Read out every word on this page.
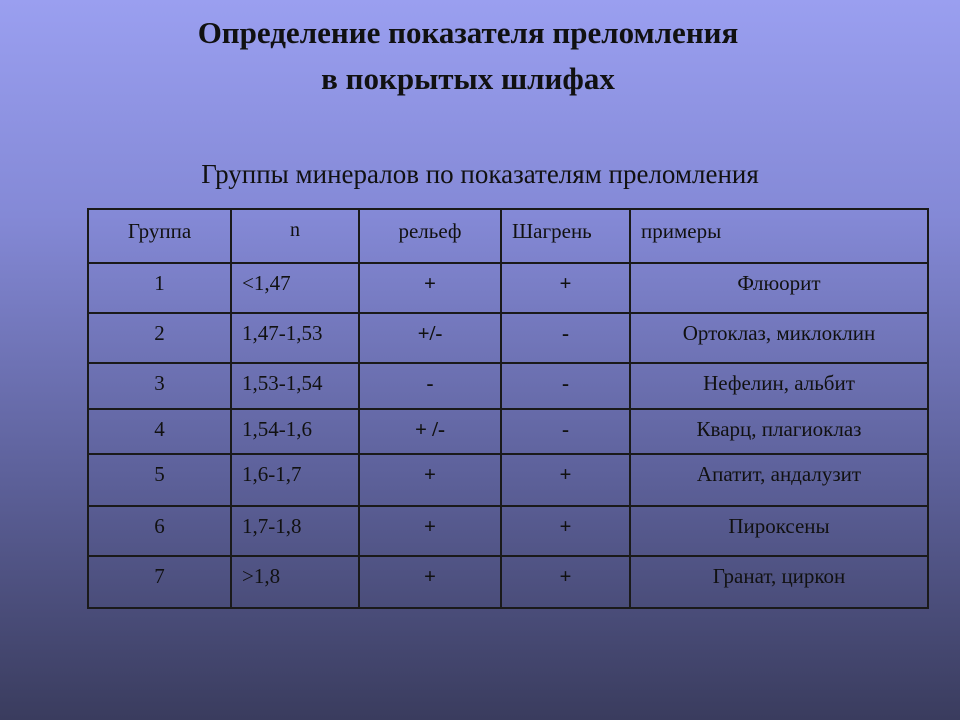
Определение показателя преломления
в покрытых шлифах
Группы минералов по показателям преломления
Группа	n	рельеф	Шагрень	примеры
1	<1,47	+	+	Флюорит
2	1,47-1,53	+/-	-	Ортоклаз, миклоклин
3	1,53-1,54	-	-	Нефелин, альбит
4	1,54-1,6	+ /-	-	Кварц, плагиоклаз
5	1,6-1,7	+	+	Апатит, андалузит
6	1,7-1,8	+	+	Пироксены
7	>1,8	+	+	Гранат, циркон
